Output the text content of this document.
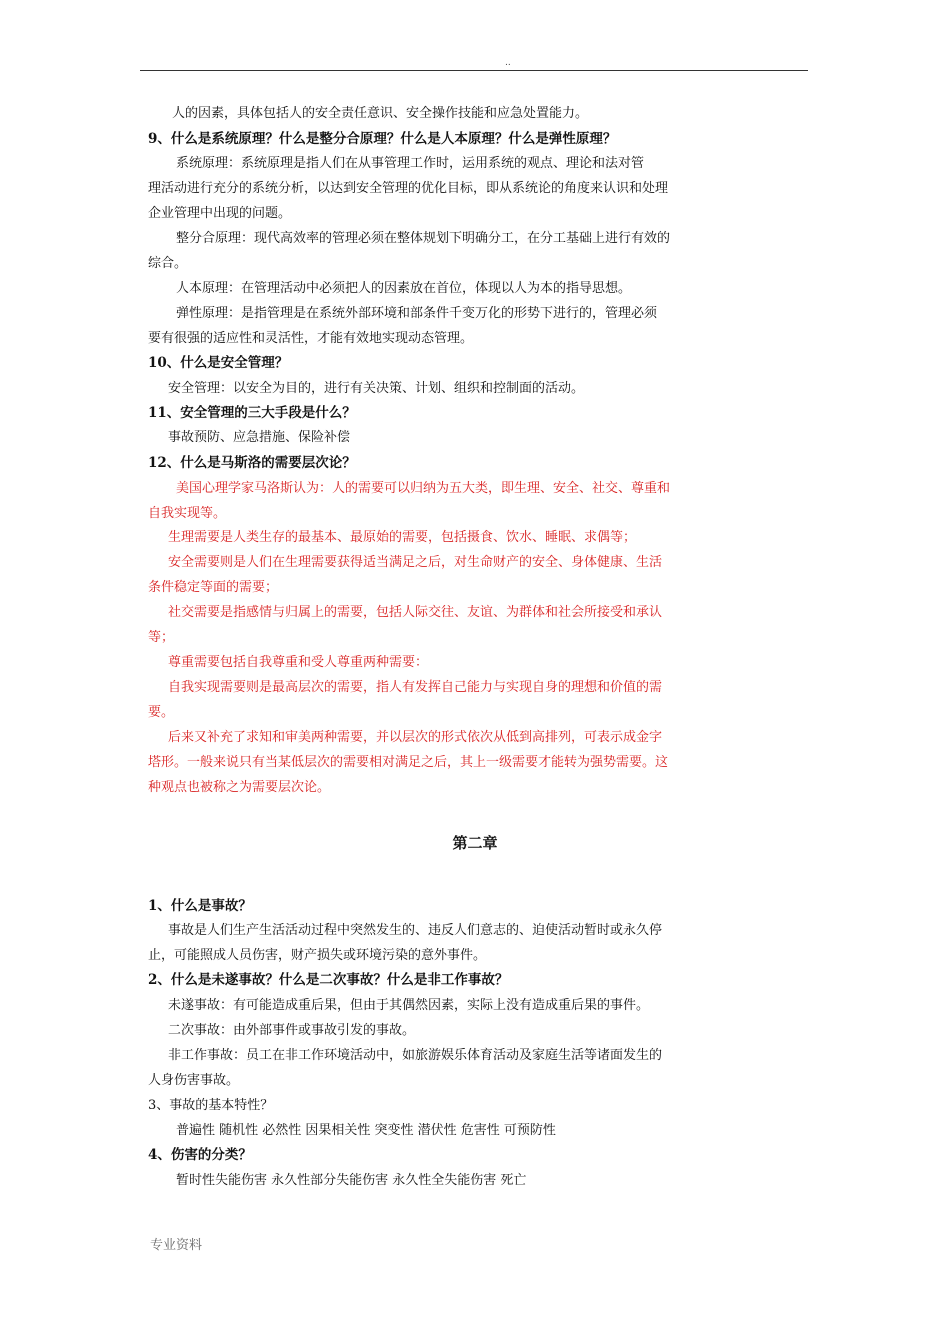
..
人的因素，具体包括人的安全责任意识、安全操作技能和应急处置能力。
9、什么是系统原理？什么是整分合原理？什么是人本原理？什么是弹性原理？
系统原理：系统原理是指人们在从事管理工作时，运用系统的观点、理论和法对管
理活动进行充分的系统分析，以达到安全管理的优化目标，即从系统论的角度来认识和处理
企业管理中出现的问题。
整分合原理：现代高效率的管理必须在整体规划下明确分工，在分工基础上进行有效的
综合。
人本原理：在管理活动中必须把人的因素放在首位，体现以人为本的指导思想。
弹性原理：是指管理是在系统外部环境和部条件千变万化的形势下进行的，管理必须
要有很强的适应性和灵活性，才能有效地实现动态管理。
10、什么是安全管理？
安全管理：以安全为目的，进行有关决策、计划、组织和控制面的活动。
11、安全管理的三大手段是什么？
事故预防、应急措施、保险补偿
12、什么是马斯洛的需要层次论？
美国心理学家马洛斯认为：人的需要可以归纳为五大类，即生理、安全、社交、尊重和
自我实现等。
生理需要是人类生存的最基本、最原始的需要，包括摄食、饮水、睡眠、求偶等；
安全需要则是人们在生理需要获得适当满足之后，对生命财产的安全、身体健康、生活
条件稳定等面的需要；
社交需要是指感情与归属上的需要，包括人际交往、友谊、为群体和社会所接受和承认
等；
尊重需要包括自我尊重和受人尊重两种需要：
自我实现需要则是最高层次的需要，指人有发挥自己能力与实现自身的理想和价值的需
要。
后来又补充了求知和审美两种需要，并以层次的形式依次从低到高排列，可表示成金字
塔形。一般来说只有当某低层次的需要相对满足之后，其上一级需要才能转为强势需要。这
种观点也被称之为需要层次论。
第二章
1、什么是事故？
事故是人们生产生活活动过程中突然发生的、违反人们意志的、迫使活动暂时或永久停
止，可能照成人员伤害，财产损失或环境污染的意外事件。
2、什么是未遂事故？什么是二次事故？什么是非工作事故？
未遂事故：有可能造成重后果，但由于其偶然因素，实际上没有造成重后果的事件。
二次事故：由外部事件或事故引发的事故。
非工作事故：员工在非工作环境活动中，如旅游娱乐体育活动及家庭生活等诸面发生的
人身伤害事故。
3、事故的基本特性？
普遍性 随机性 必然性 因果相关性 突变性 潜伏性 危害性 可预防性
4、伤害的分类？
暂时性失能伤害 永久性部分失能伤害 永久性全失能伤害 死亡
专业资料
